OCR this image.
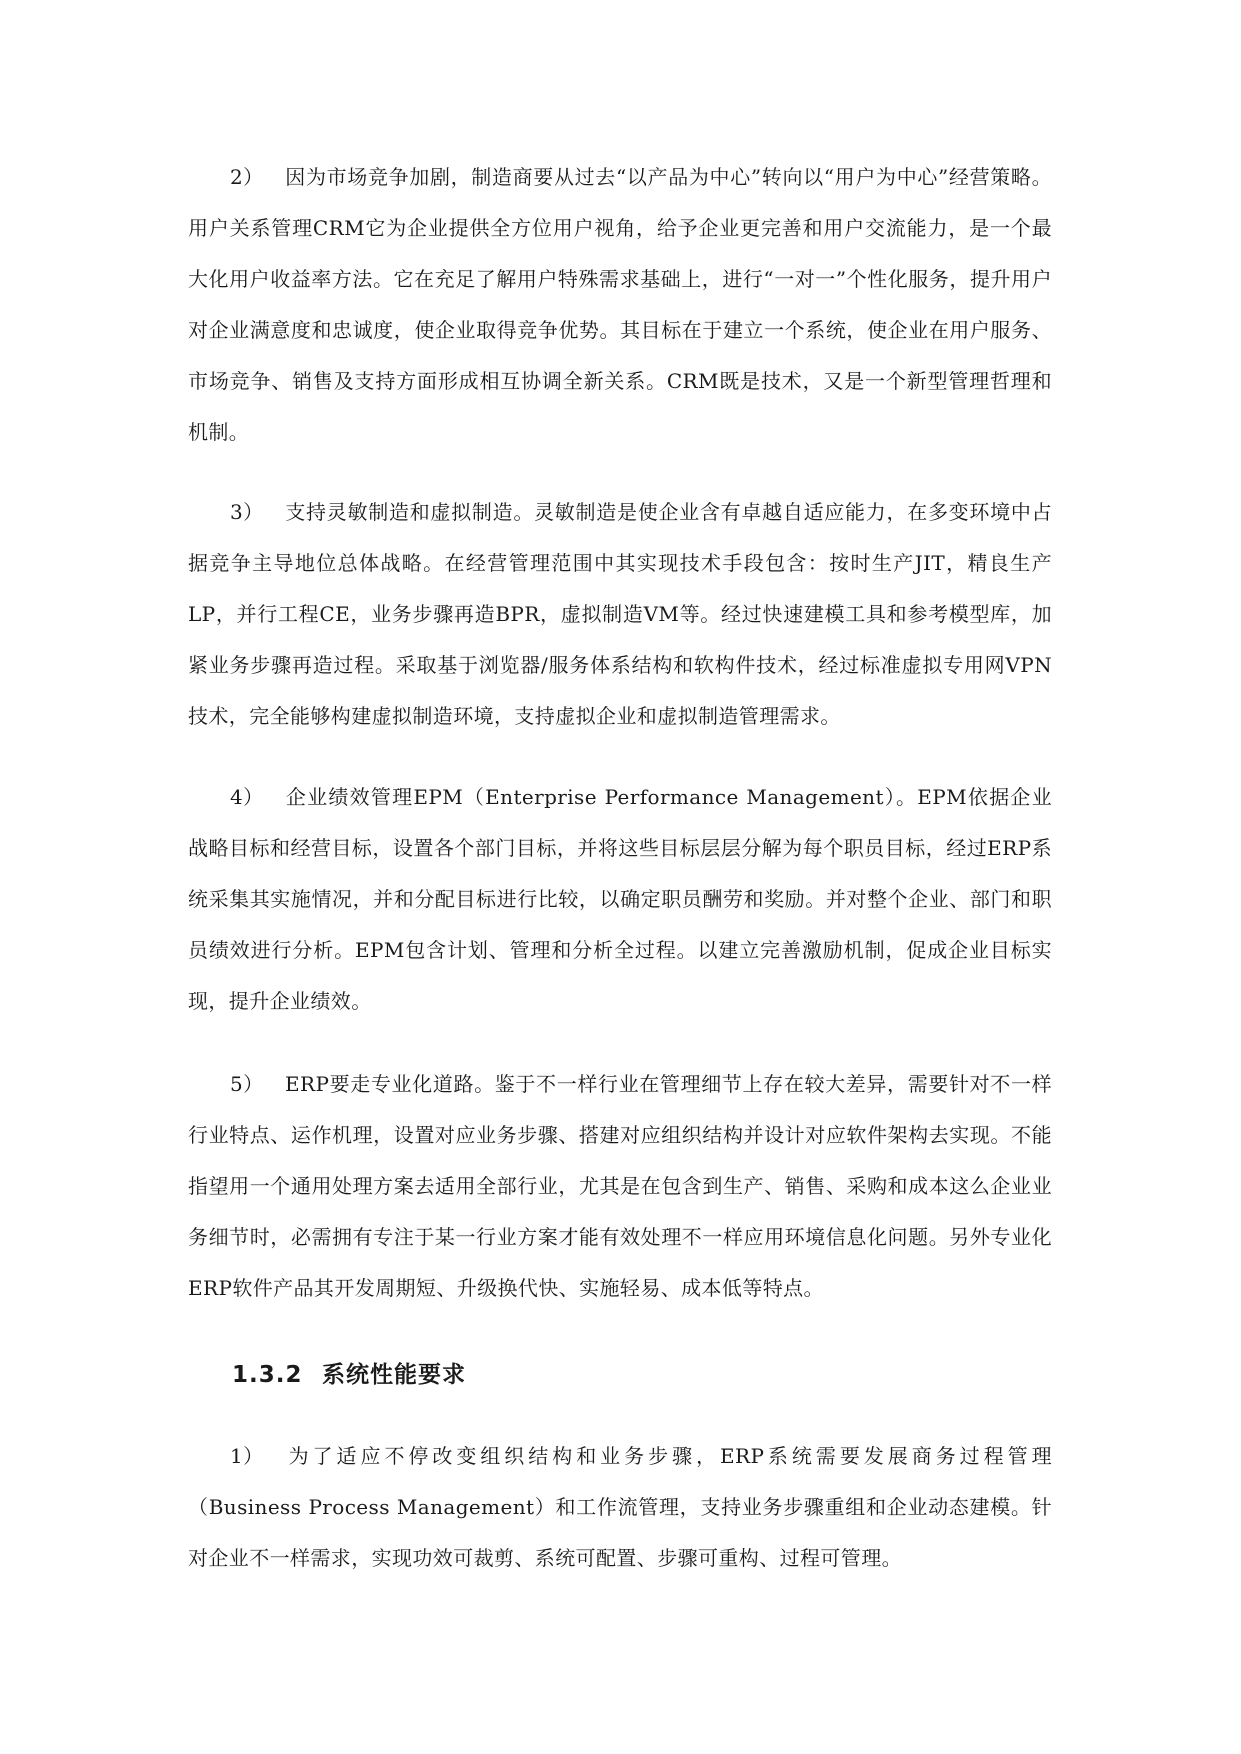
2） 因为市场竞争加剧，制造商要从过去“以产品为中心”转向以“用户为中心”经营策略。用户关系管理CRM它为企业提供全方位用户视角，给予企业更完善和用户交流能力，是一个最大化用户收益率方法。它在充足了解用户特殊需求基础上，进行“一对一”个性化服务，提升用户对企业满意度和忠诚度，使企业取得竞争优势。其目标在于建立一个系统，使企业在用户服务、市场竞争、销售及支持方面形成相互协调全新关系。CRM既是技术，又是一个新型管理哲理和机制。

3） 支持灵敏制造和虚拟制造。灵敏制造是使企业含有卓越自适应能力，在多变环境中占据竞争主导地位总体战略。在经营管理范围中其实现技术手段包含：按时生产JIT，精良生产LP，并行工程CE，业务步骤再造BPR，虚拟制造VM等。经过快速建模工具和参考模型库，加紧业务步骤再造过程。采取基于浏览器/服务体系结构和软构件技术，经过标准虚拟专用网VPN技术，完全能够构建虚拟制造环境，支持虚拟企业和虚拟制造管理需求。

4） 企业绩效管理EPM（Enterprise Performance Management）。EPM依据企业战略目标和经营目标，设置各个部门目标，并将这些目标层层分解为每个职员目标，经过ERP系统采集其实施情况，并和分配目标进行比较，以确定职员酬劳和奖励。并对整个企业、部门和职员绩效进行分析。EPM包含计划、管理和分析全过程。以建立完善激励机制，促成企业目标实现，提升企业绩效。

5） ERP要走专业化道路。鉴于不一样行业在管理细节上存在较大差异，需要针对不一样行业特点、运作机理，设置对应业务步骤、搭建对应组织结构并设计对应软件架构去实现。不能指望用一个通用处理方案去适用全部行业，尤其是在包含到生产、销售、采购和成本这么企业业务细节时，必需拥有专注于某一行业方案才能有效处理不一样应用环境信息化问题。另外专业化ERP软件产品其开发周期短、升级换代快、实施轻易、成本低等特点。

1.3.2 系统性能要求

1） 为了适应不停改变组织结构和业务步骤，ERP系统需要发展商务过程管理（Business Process Management）和工作流管理，支持业务步骤重组和企业动态建模。针对企业不一样需求，实现功效可裁剪、系统可配置、步骤可重构、过程可管理。
